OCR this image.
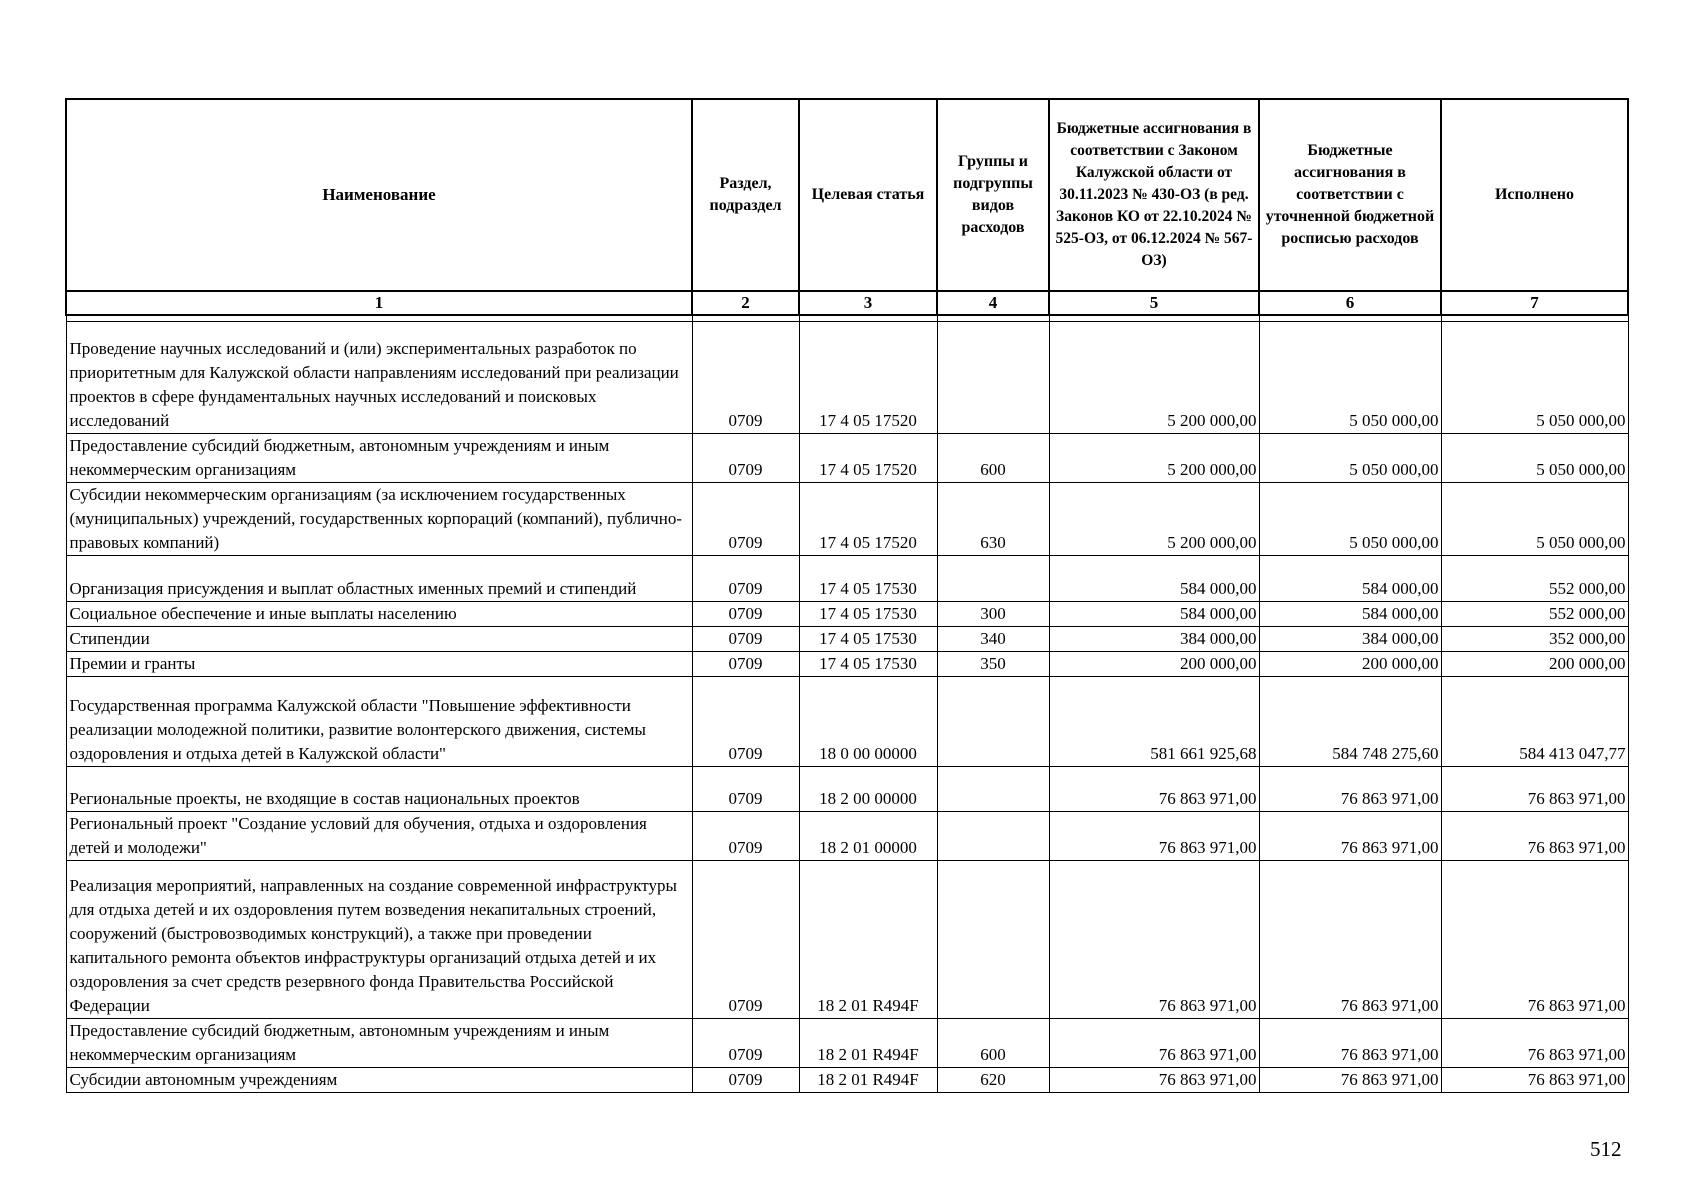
Наименование	Раздел, подраздел	Целевая статья	Группы и подгруппы видов расходов	Бюджетные ассигнования в соответствии с Законом Калужской области от 30.11.2023 № 430-ОЗ (в ред. Законов КО от 22.10.2024 № 525-ОЗ, от 06.12.2024 № 567-ОЗ)	Бюджетные ассигнования в соответствии с уточненной бюджетной росписью расходов	Исполнено
1	2	3	4	5	6	7

Проведение научных исследований и (или) экспериментальных разработок по приоритетным для Калужской области направлениям исследований при реализации проектов в сфере фундаментальных научных исследований и поисковых исследований	0709	17 4 05 17520		5 200 000,00	5 050 000,00	5 050 000,00
Предоставление субсидий бюджетным, автономным учреждениям и иным некоммерческим организациям	0709	17 4 05 17520	600	5 200 000,00	5 050 000,00	5 050 000,00
Субсидии некоммерческим организациям (за исключением государственных (муниципальных) учреждений, государственных корпораций (компаний), публично-правовых компаний)	0709	17 4 05 17520	630	5 200 000,00	5 050 000,00	5 050 000,00
Организация присуждения и выплат областных именных премий и стипендий	0709	17 4 05 17530		584 000,00	584 000,00	552 000,00
Социальное обеспечение и иные выплаты населению	0709	17 4 05 17530	300	584 000,00	584 000,00	552 000,00
Стипендии	0709	17 4 05 17530	340	384 000,00	384 000,00	352 000,00
Премии и гранты	0709	17 4 05 17530	350	200 000,00	200 000,00	200 000,00
Государственная программа Калужской области "Повышение эффективности реализации молодежной политики, развитие волонтерского движения, системы оздоровления и отдыха детей в Калужской области"	0709	18 0 00 00000		581 661 925,68	584 748 275,60	584 413 047,77
Региональные проекты, не входящие в состав национальных проектов	0709	18 2 00 00000		76 863 971,00	76 863 971,00	76 863 971,00
Региональный проект "Создание условий для обучения, отдыха и оздоровления детей и молодежи"	0709	18 2 01 00000		76 863 971,00	76 863 971,00	76 863 971,00
Реализация мероприятий, направленных на создание современной инфраструктуры для отдыха детей и их оздоровления путем возведения некапитальных строений, сооружений (быстровозводимых конструкций), а также при проведении капитального ремонта объектов инфраструктуры организаций отдыха детей и их оздоровления за счет средств резервного фонда Правительства Российской Федерации	0709	18 2 01 R494F		76 863 971,00	76 863 971,00	76 863 971,00
Предоставление субсидий бюджетным, автономным учреждениям и иным некоммерческим организациям	0709	18 2 01 R494F	600	76 863 971,00	76 863 971,00	76 863 971,00
Субсидии автономным учреждениям	0709	18 2 01 R494F	620	76 863 971,00	76 863 971,00	76 863 971,00
512
